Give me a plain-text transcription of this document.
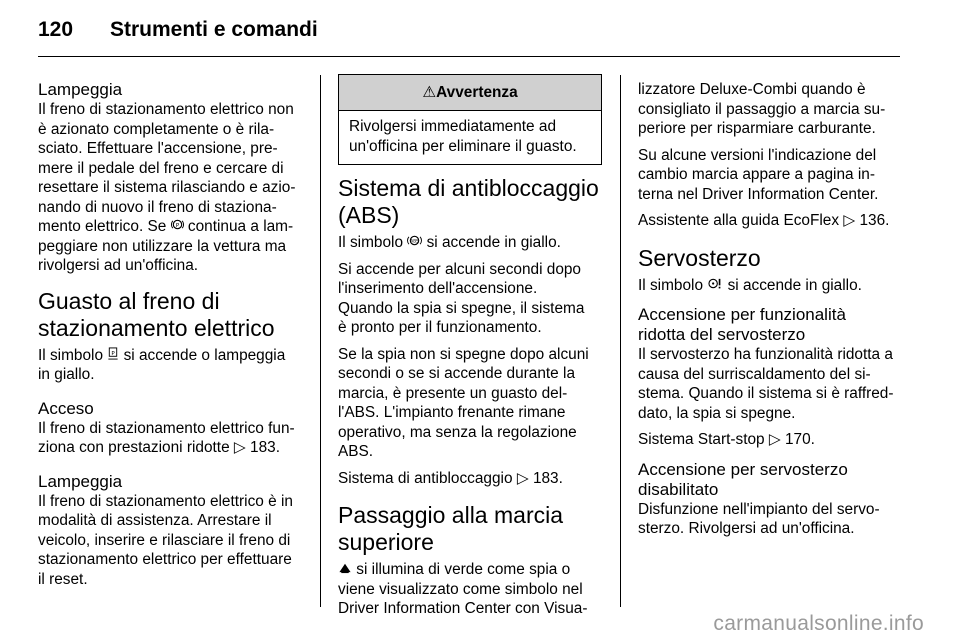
120	Strumenti e comandi
Lampeggia

Il freno di stazionamento elettrico non
è azionato completamente o è rila-
sciato. Effettuare l'accensione, pre-
mere il pedale del freno e cercare di
resettare il sistema rilasciando e azio-
nando di nuovo il freno di staziona-
mento elettrico. Se P continua a lam-
peggiare non utilizzare la vettura ma
rivolgersi ad un'officina.

Guasto al freno di
stazionamento elettrico

Il simbolo P si accende o lampeggia
in giallo.

Acceso

Il freno di stazionamento elettrico fun-
ziona con prestazioni ridotte ▷ 183.

Lampeggia

Il freno di stazionamento elettrico è in
modalità di assistenza. Arrestare il
veicolo, inserire e rilasciare il freno di
stazionamento elettrico per effettuare
il reset.

⚠Avvertenza
Rivolgersi immediatamente ad
un'officina per eliminare il guasto.
Sistema di antibloccaggio
(ABS)

Il simbolo ABS si accende in giallo.

Si accende per alcuni secondi dopo
l'inserimento dell'accensione.
Quando la spia si spegne, il sistema
è pronto per il funzionamento.

Se la spia non si spegne dopo alcuni
secondi o se si accende durante la
marcia, è presente un guasto del-
l'ABS. L'impianto frenante rimane
operativo, ma senza la regolazione
ABS.

Sistema di antibloccaggio ▷ 183.

Passaggio alla marcia
superiore

si illumina di verde come spia o
viene visualizzato come simbolo nel
Driver Information Center con Visua-

lizzatore Deluxe-Combi quando è
consigliato il passaggio a marcia su-
periore per risparmiare carburante.

Su alcune versioni l'indicazione del
cambio marcia appare a pagina in-
terna nel Driver Information Center.

Assistente alla guida EcoFlex ▷ 136.

Servosterzo

Il simbolo si accende in giallo.

Accensione per funzionalità
ridotta del servosterzo

Il servosterzo ha funzionalità ridotta a
causa del surriscaldamento del si-
stema. Quando il sistema si è raffred-
dato, la spia si spegne.

Sistema Start-stop ▷ 170.

Accensione per servosterzo
disabilitato

Disfunzione nell'impianto del servo-
sterzo. Rivolgersi ad un'officina.

carmanualsonline.info
